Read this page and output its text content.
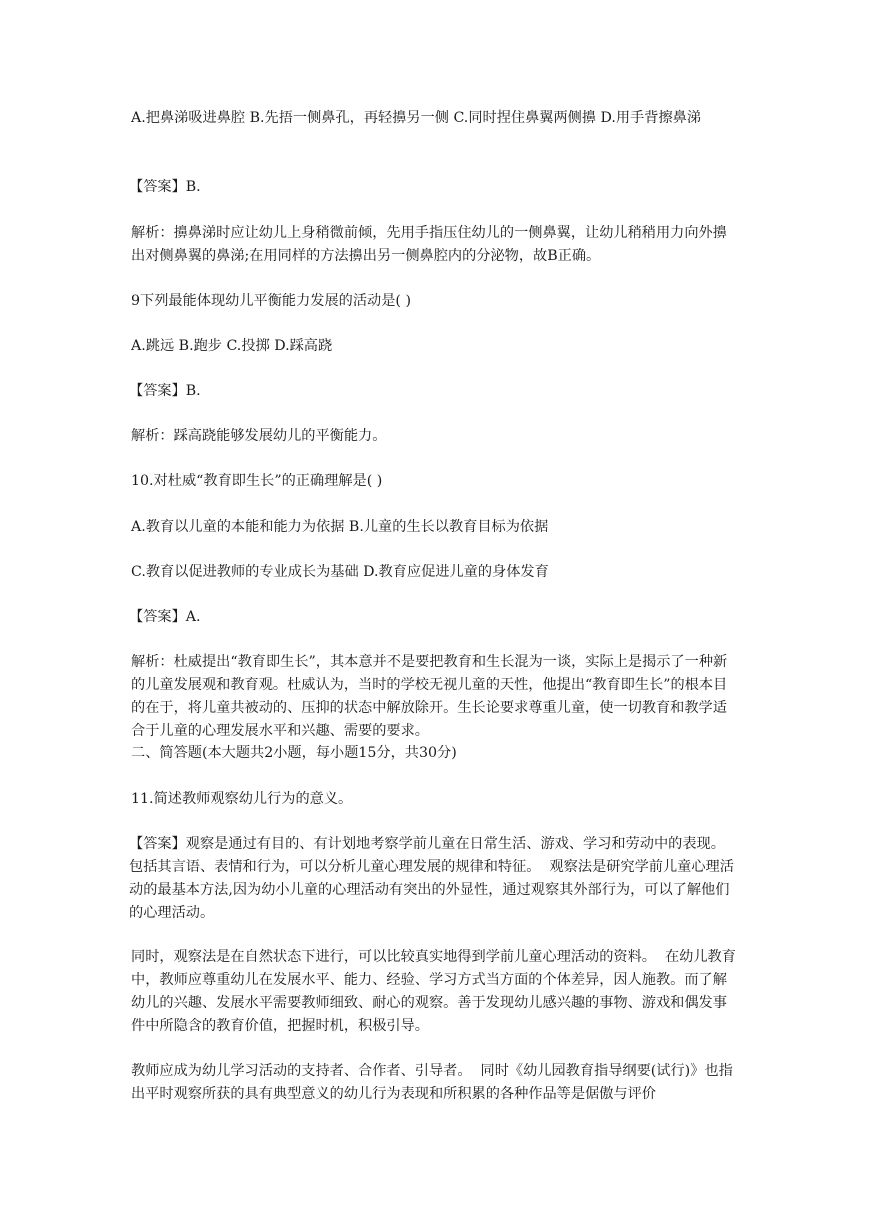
A.把鼻涕吸进鼻腔 B.先捂一侧鼻孔，再轻擤另一侧 C.同时捏住鼻翼两侧擤 D.用手背擦鼻涕

【答案】B.

解析：擤鼻涕时应让幼儿上身稍微前倾，先用手指压住幼儿的一侧鼻翼，让幼儿稍稍用力向外擤出对侧鼻翼的鼻涕;在用同样的方法擤出另一侧鼻腔内的分泌物，故B正确。

9下列最能体现幼儿平衡能力发展的活动是( )

A.跳远 B.跑步 C.投掷 D.踩高跷

【答案】B.

解析：踩高跷能够发展幼儿的平衡能力。

10.对杜威“教育即生长”的正确理解是( )

A.教育以儿童的本能和能力为依据 B.儿童的生长以教育目标为依据

C.教育以促进教师的专业成长为基础 D.教育应促进儿童的身体发育

【答案】A.

解析：杜威提出“教育即生长”，其本意并不是要把教育和生长混为一谈，实际上是揭示了一种新的儿童发展观和教育观。杜威认为，当时的学校无视儿童的天性，他提出“教育即生长”的根本目的在于，将儿童共被动的、压抑的状态中解放除开。生长论要求尊重儿童，使一切教育和教学适合于儿童的心理发展水平和兴趣、需要的要求。

二、简答题(本大题共2小题，每小题15分，共30分)

11.简述教师观察幼儿行为的意义。

【答案】观察是通过有目的、有计划地考察学前儿童在日常生活、游戏、学习和劳动中的表现。包括其言语、表情和行为，可以分析儿童心理发展的规律和特征。  观察法是研究学前儿童心理活动的最基本方法,因为幼小儿童的心理活动有突出的外显性，通过观察其外部行为，可以了解他们的心理活动。

同时，观察法是在自然状态下进行，可以比较真实地得到学前儿童心理活动的资料。  在幼儿教育中，教师应尊重幼儿在发展水平、能力、经验、学习方式当方面的个体差异，因人施教。而了解幼儿的兴趣、发展水平需要教师细致、耐心的观察。善于发现幼儿感兴趣的事物、游戏和偶发事件中所隐含的教育价值，把握时机，积极引导。

教师应成为幼儿学习活动的支持者、合作者、引导者。  同时《幼儿园教育指导纲要(试行)》也指出平时观察所获的具有典型意义的幼儿行为表现和所积累的各种作品等是倨傲与评价
